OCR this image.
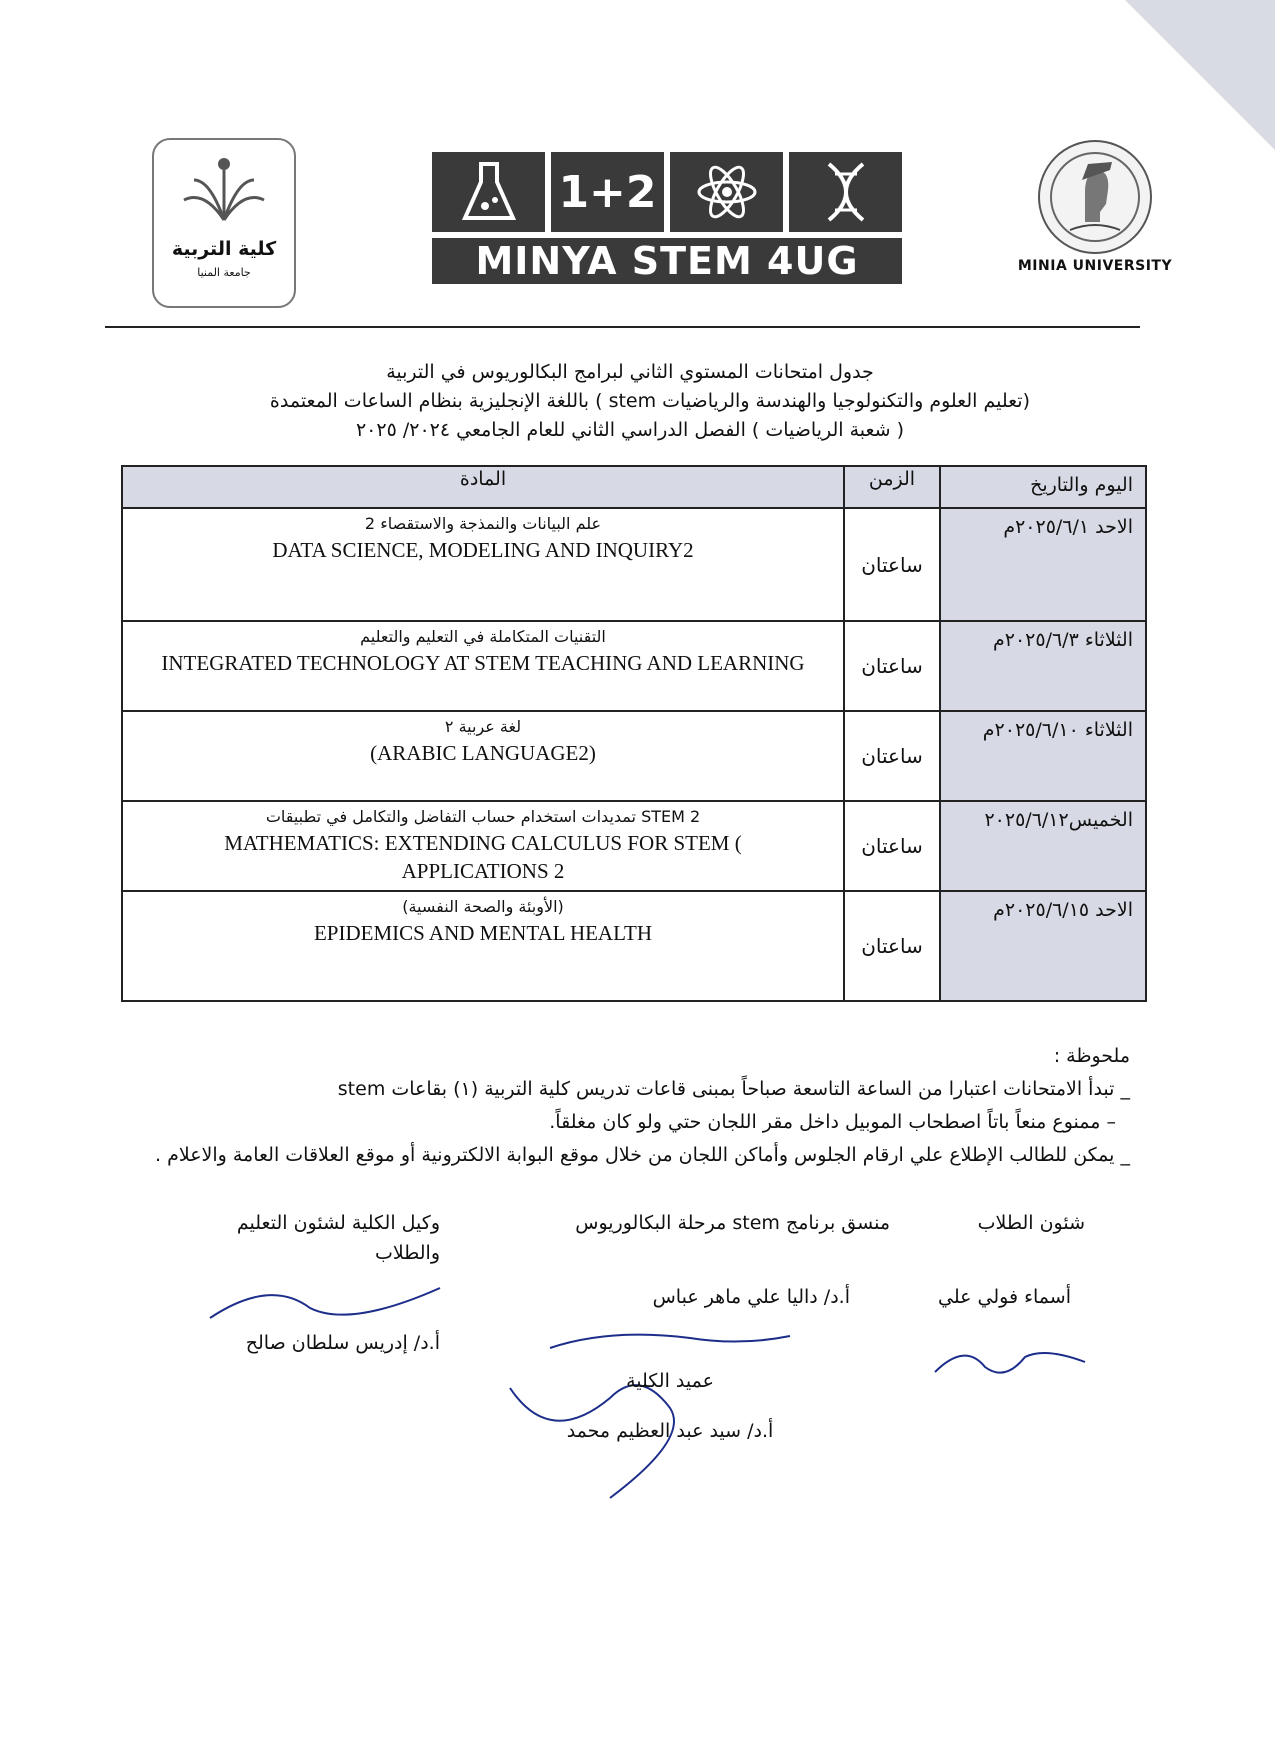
MINIA UNIVERSITY
1+2
MINYA STEM 4UG
كلية التربية
جامعة المنيا
جدول امتحانات المستوي الثاني لبرامج البكالوريوس في التربية
(تعليم العلوم والتكنولوجيا والهندسة والرياضيات stem ) باللغة الإنجليزية بنظام الساعات المعتمدة
( شعبة الرياضيات ) الفصل الدراسي الثاني للعام الجامعي ٢٠٢٤/ ٢٠٢٥
المادة	الزمن	اليوم والتاريخ

علم البيانات والنمذجة والاستقصاء 2
DATA SCIENCE, MODELING AND INQUIRY2	ساعتان	الاحد ٢٠٢٥/٦/١م

التقنيات المتكاملة في التعليم والتعليم
INTEGRATED TECHNOLOGY AT STEM TEACHING AND LEARNING	ساعتان	الثلاثاء ٢٠٢٥/٦/٣م

لغة عربية ٢
(ARABIC LANGUAGE2)	ساعتان	الثلاثاء ٢٠٢٥/٦/١٠م

STEM 2 تمديدات استخدام حساب التفاضل والتكامل في تطبيقات
MATHEMATICS: EXTENDING CALCULUS FOR STEM ( APPLICATIONS 2	ساعتان	الخميس٢٠٢٥/٦/١٢

(الأوبئة والصحة النفسية)
EPIDEMICS AND MENTAL HEALTH	ساعتان	الاحد ٢٠٢٥/٦/١٥م
ملحوظة :
_ تبدأ الامتحانات اعتبارا من الساعة التاسعة صباحاً بمبنى قاعات تدريس كلية التربية (١) بقاعات stem
– ممنوع منعاً باتاً اصطحاب الموبيل داخل مقر اللجان حتي ولو كان مغلقاً.
_ يمكن للطالب الإطلاع علي ارقام الجلوس وأماكن اللجان من خلال موقع البوابة الالكترونية أو موقع العلاقات العامة والاعلام .
شئون الطلاب
أسماء فولي علي
منسق برنامج stem مرحلة البكالوريوس
أ.د/ داليا علي ماهر عباس
وكيل الكلية لشئون التعليم والطلاب
أ.د/ إدريس سلطان صالح
عميد الكلية
أ.د/ سيد عبد العظيم محمد
